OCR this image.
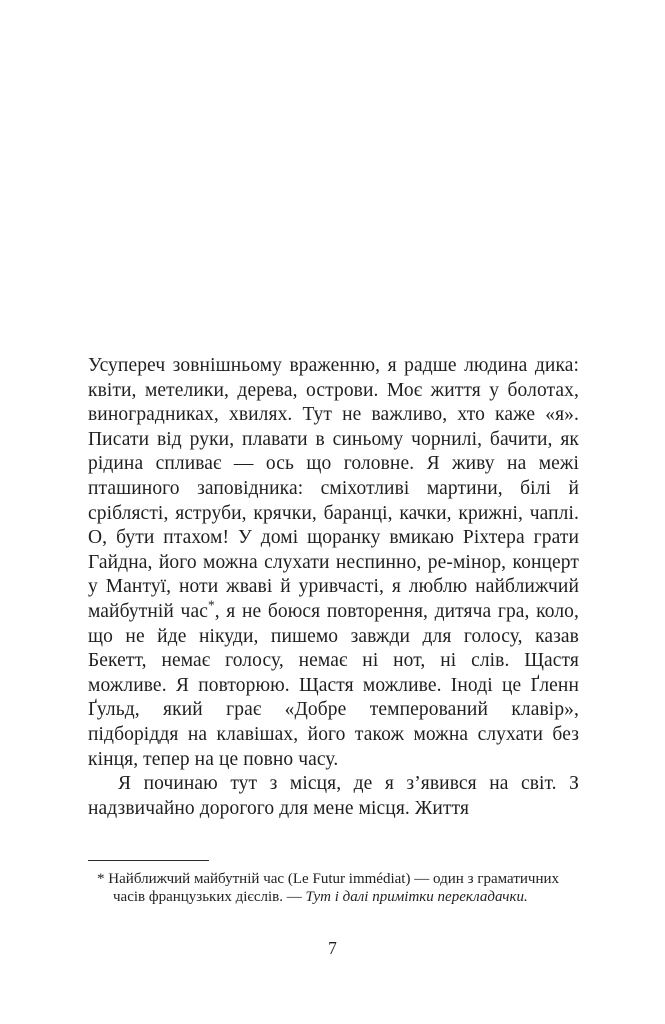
Усупереч зовнішньому враженню, я радше людина дика: квіти, метелики, дерева, острови. Моє життя у болотах, виноградниках, хвилях. Тут не важливо, хто каже «я». Писати від руки, плавати в синьому чорнилі, бачити, як рідина спливає — ось що головне. Я живу на межі пташиного заповідника: сміхотливі мартини, білі й сріблясті, яструби, крячки, баранці, качки, крижні, чаплі. О, бути птахом! У домі щоранку вмикаю Ріхтера грати Гайдна, його можна слухати неспинно, ре-мінор, концерт у Мантуї, ноти жваві й уривчасті, я люблю найближчий майбутній час*, я не боюся повторення, дитяча гра, коло, що не йде нікуди, пишемо завжди для голосу, казав Бекетт, немає голосу, немає ні нот, ні слів. Щастя можливе. Я повторюю. Щастя можливе. Іноді це Ґленн Ґульд, який грає «Добре темперований клавір», підборіддя на клавішах, його також можна слухати без кінця, тепер на це повно часу.

Я починаю тут з місця, де я з’явився на світ. З надзвичайно дорогого для мене місця. Життя

* Найближчий майбутній час (Le Futur immédiat) — один з граматичних часів французьких дієслів. — Тут і далі примітки перекладачки.

7
